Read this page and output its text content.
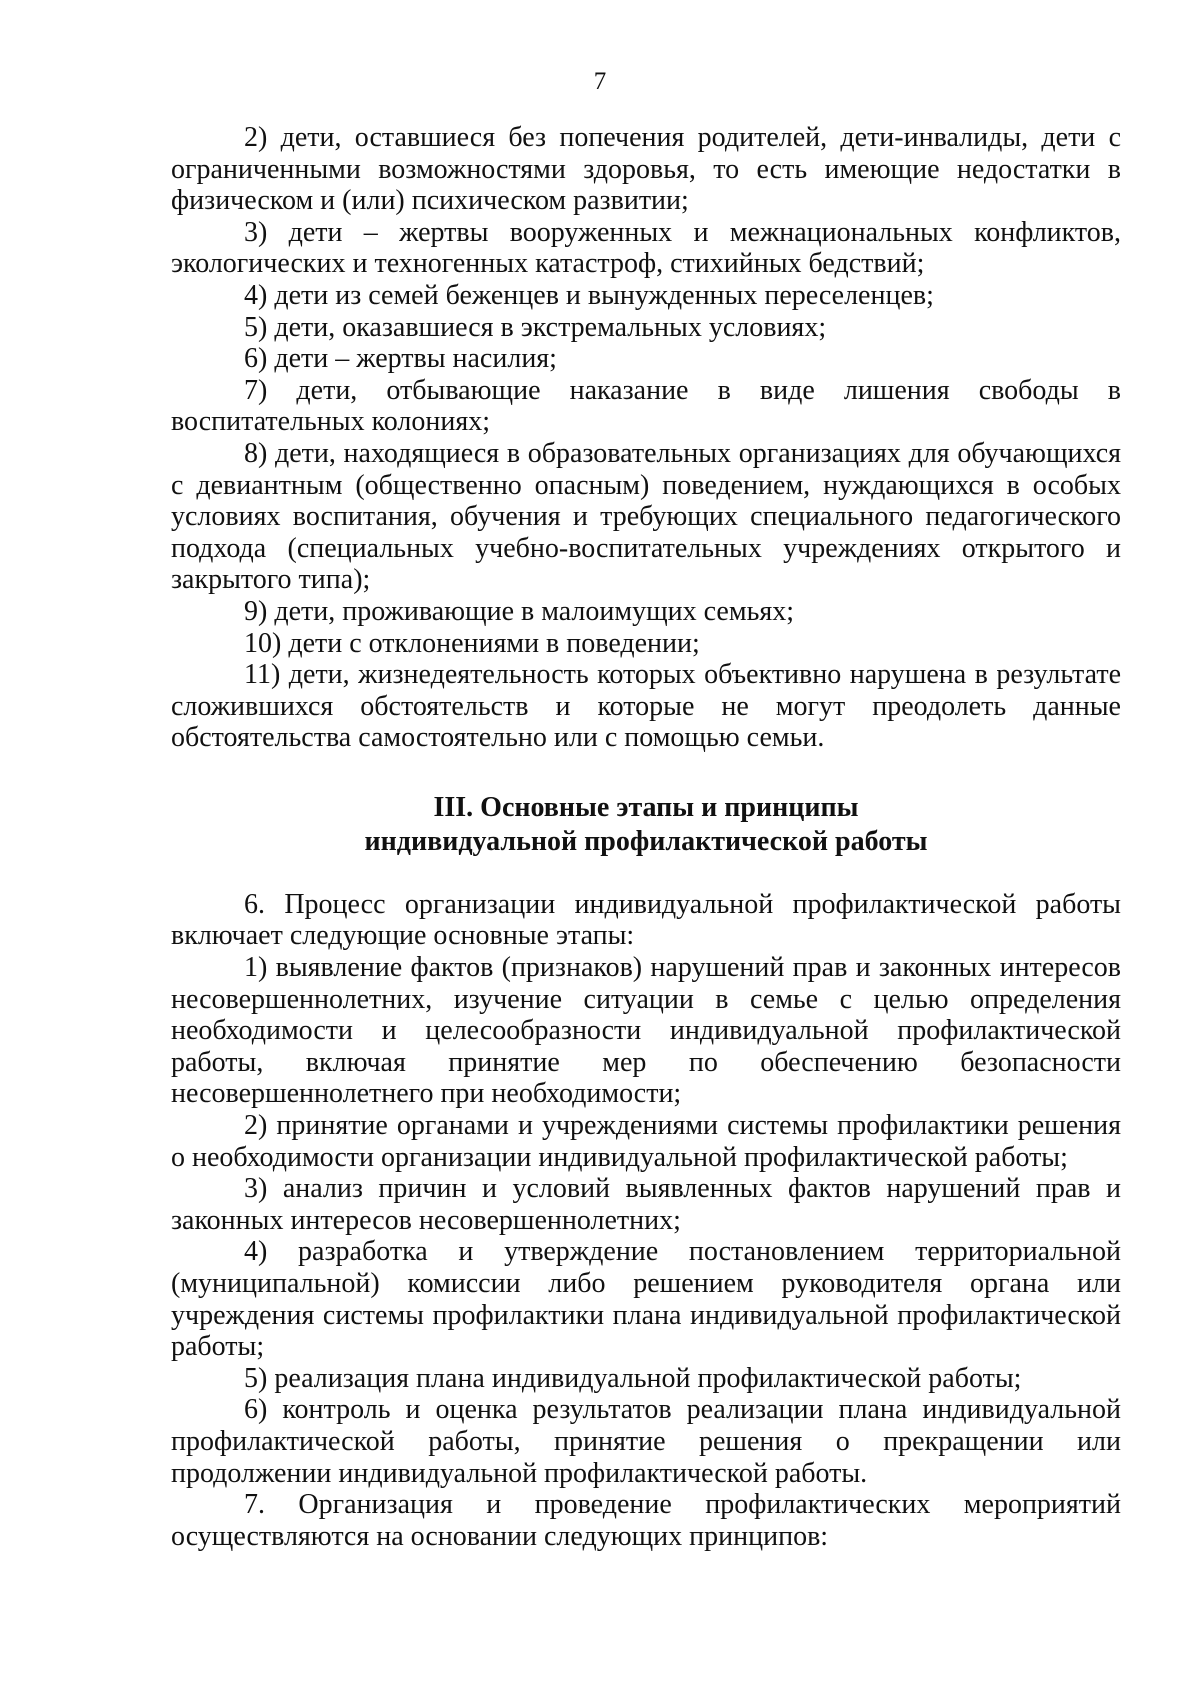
7

2) дети, оставшиеся без попечения родителей, дети-инвалиды, дети с ограниченными возможностями здоровья, то есть имеющие недостатки в физическом и (или) психическом развитии;

3) дети – жертвы вооруженных и межнациональных конфликтов, экологических и техногенных катастроф, стихийных бедствий;

4) дети из семей беженцев и вынужденных переселенцев;

5) дети, оказавшиеся в экстремальных условиях;

6) дети – жертвы насилия;

7) дети, отбывающие наказание в виде лишения свободы в воспитательных колониях;

8) дети, находящиеся в образовательных организациях для обучающихся с девиантным (общественно опасным) поведением, нуждающихся в особых условиях воспитания, обучения и требующих специального педагогического подхода (специальных учебно-воспитательных учреждениях открытого и закрытого типа);

9) дети, проживающие в малоимущих семьях;

10) дети с отклонениями в поведении;

11) дети, жизнедеятельность которых объективно нарушена в результате сложившихся обстоятельств и которые не могут преодолеть данные обстоятельства самостоятельно или с помощью семьи.

III. Основные этапы и принципы

индивидуальной профилактической работы

6. Процесс организации индивидуальной профилактической работы включает следующие основные этапы:

1) выявление фактов (признаков) нарушений прав и законных интересов несовершеннолетних, изучение ситуации в семье с целью определения необходимости и целесообразности индивидуальной профилактической работы, включая принятие мер по обеспечению безопасности несовершеннолетнего при необходимости;

2) принятие органами и учреждениями системы профилактики решения о необходимости организации индивидуальной профилактической работы;

3) анализ причин и условий выявленных фактов нарушений прав и законных интересов несовершеннолетних;

4) разработка и утверждение постановлением территориальной (муниципальной) комиссии либо решением руководителя органа или учреждения системы профилактики плана индивидуальной профилактической работы;

5) реализация плана индивидуальной профилактической работы;

6) контроль и оценка результатов реализации плана индивидуальной профилактической работы, принятие решения о прекращении или продолжении индивидуальной профилактической работы.

7. Организация и проведение профилактических мероприятий осуществляются на основании следующих принципов:
